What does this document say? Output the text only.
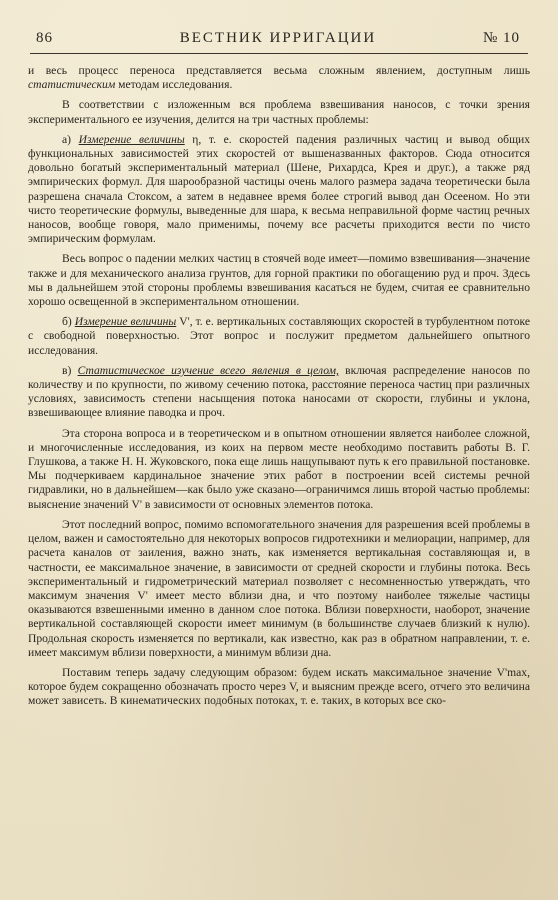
86	ВЕСТНИК ИРРИГАЦИИ	№ 10

и весь процесс переноса представляется весьма сложным явлением, доступным лишь статистическим методам исследования.

В соответствии с изложенным вся проблема взвешивания наносов, с точки зрения экспериментального ее изучения, делится на три частных проблемы:

а) Измерение величины η, т. е. скоростей падения различных частиц и вывод общих функциональных зависимостей этих скоростей от вышеназванных факторов. Сюда относится довольно богатый экспериментальный материал (Шене, Рихардса, Крея и друг.), а также ряд эмпирических формул. Для шарообразной частицы очень малого размера задача теоретически была разрешена сначала Стоксом, а затем в недавнее время более строгий вывод дан Осееном. Но эти чисто теоретические формулы, выведенные для шара, к весьма неправильной форме частиц речных наносов, вообще говоря, мало применимы, почему все расчеты приходится вести по чисто эмпирическим формулам.

Весь вопрос о падении мелких частиц в стоячей воде имеет—помимо взвешивания—значение также и для механического анализа грунтов, для горной практики по обогащению руд и проч. Здесь мы в дальнейшем этой стороны проблемы взвешивания касаться не будем, считая ее сравнительно хорошо освещенной в экспериментальном отношении.

б) Измерение величины V', т. е. вертикальных составляющих скоростей в турбулентном потоке с свободной поверхностью. Этот вопрос и послужит предметом дальнейшего опытного исследования.

в) Статистическое изучение всего явления в целом, включая распределение наносов по количеству и по крупности, по живому сечению потока, расстояние переноса частиц при различных условиях, зависимость степени насыщения потока наносами от скорости, глубины и уклона, взвешивающее влияние паводка и проч.

Эта сторона вопроса и в теоретическом и в опытном отношении является наиболее сложной, и многочисленные исследования, из коих на первом месте необходимо поставить работы В. Г. Глушкова, а также Н. Н. Жуковского, пока еще лишь нащупывают путь к его правильной постановке. Мы подчеркиваем кардинальное значение этих работ в построении всей системы речной гидравлики, но в дальнейшем—как было уже сказано—ограничимся лишь второй частью проблемы: выяснение значений V' в зависимости от основных элементов потока.

Этот последний вопрос, помимо вспомогательного значения для разрешения всей проблемы в целом, важен и самостоятельно для некоторых вопросов гидротехники и мелиорации, например, для расчета каналов от заиления, важно знать, как изменяется вертикальная составляющая и, в частности, ее максимальное значение, в зависимости от средней скорости и глубины потока. Весь экспериментальный и гидрометрический материал позволяет с несомненностью утверждать, что максимум значения V' имеет место вблизи дна, и что поэтому наиболее тяжелые частицы оказываются взвешенными именно в данном слое потока. Вблизи поверхности, наоборот, значение вертикальной составляющей скорости имеет минимум (в большинстве случаев близкий к нулю). Продольная скорость изменяется по вертикали, как известно, как раз в обратном направлении, т. е. имеет максимум вблизи поверхности, а минимум вблизи дна.

Поставим теперь задачу следующим образом: будем искать максимальное значение V'max, которое будем сокращенно обозначать просто через V, и выясним прежде всего, отчего это величина может зависеть. В кинематических подобных потоках, т. е. таких, в которых все ско-
